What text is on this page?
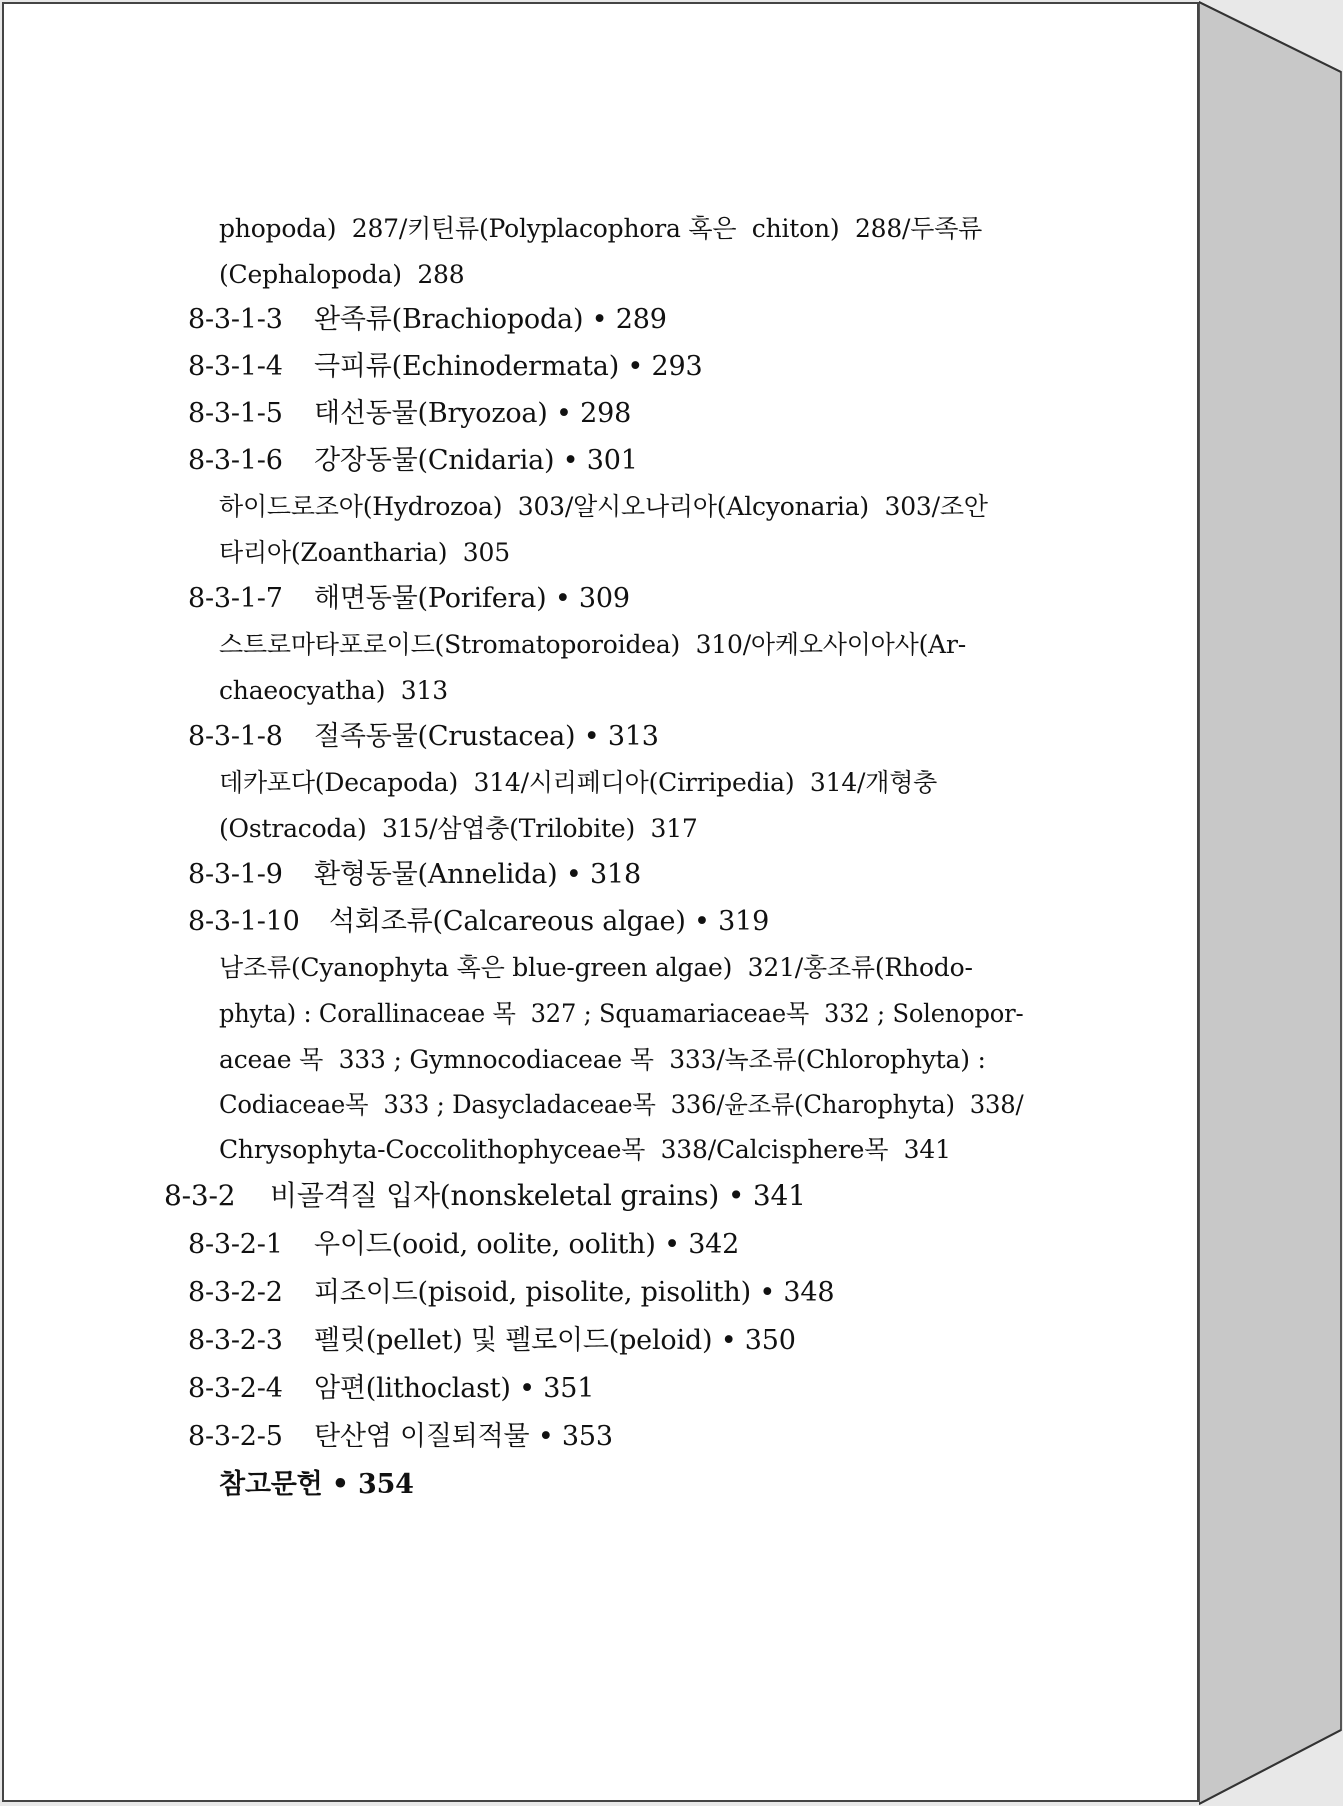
phopoda)  287/키틴류(Polyplacophora 혹은  chiton)  288/두족류
(Cephalopoda)  288
8-3-1-3 완족류(Brachiopoda) • 289
8-3-1-4 극피류(Echinodermata) • 293
8-3-1-5 태선동물(Bryozoa) • 298
8-3-1-6 강장동물(Cnidaria) • 301
하이드로조아(Hydrozoa)  303/알시오나리아(Alcyonaria)  303/조안
타리아(Zoantharia)  305
8-3-1-7 해면동물(Porifera) • 309
스트로마타포로이드(Stromatoporoidea)  310/아케오사이아사(Ar-
chaeocyatha)  313
8-3-1-8 절족동물(Crustacea) • 313
데카포다(Decapoda)  314/시리페디아(Cirripedia)  314/개형충
(Ostracoda)  315/삼엽충(Trilobite)  317
8-3-1-9 환형동물(Annelida) • 318
8-3-1-10 석회조류(Calcareous algae) • 319
남조류(Cyanophyta 혹은 blue-green algae)  321/홍조류(Rhodo-
phyta) : Corallinaceae 목  327 ; Squamariaceae목  332 ; Solenopor-
aceae 목  333 ; Gymnocodiaceae 목  333/녹조류(Chlorophyta) :
Codiaceae목  333 ; Dasycladaceae목  336/윤조류(Charophyta)  338/
Chrysophyta-Coccolithophyceae목  338/Calcisphere목  341
8-3-2 비골격질 입자(nonskeletal grains) • 341
8-3-2-1 우이드(ooid, oolite, oolith) • 342
8-3-2-2 피조이드(pisoid, pisolite, pisolith) • 348
8-3-2-3 펠릿(pellet) 및 펠로이드(peloid) • 350
8-3-2-4 암편(lithoclast) • 351
8-3-2-5 탄산염 이질퇴적물 • 353
참고문헌 • 354
